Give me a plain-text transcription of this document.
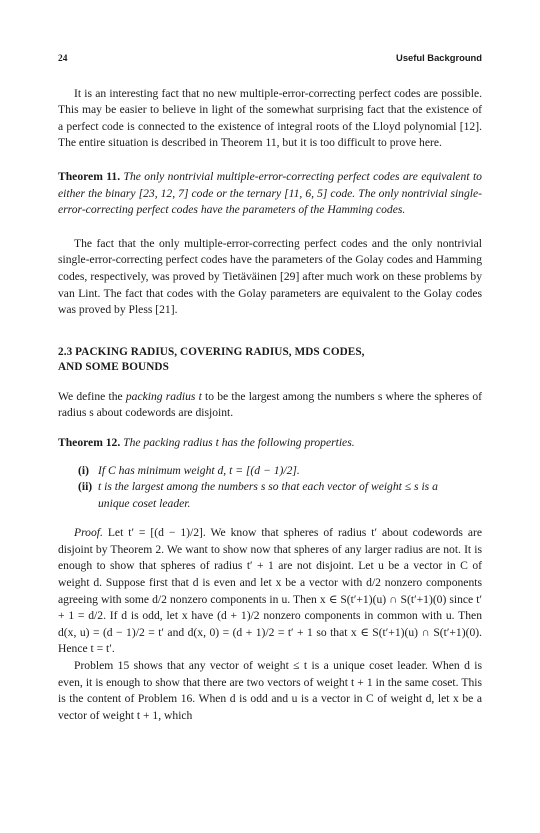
24	Useful Background

It is an interesting fact that no new multiple-error-correcting perfect codes are possible. This may be easier to believe in light of the somewhat surprising fact that the existence of a perfect code is connected to the existence of integral roots of the Lloyd polynomial [12]. The entire situation is described in Theorem 11, but it is too difficult to prove here.

Theorem 11. The only nontrivial multiple-error-correcting perfect codes are equivalent to either the binary [23, 12, 7] code or the ternary [11, 6, 5] code. The only nontrivial single-error-correcting perfect codes have the parameters of the Hamming codes.

The fact that the only multiple-error-correcting perfect codes and the only nontrivial single-error-correcting perfect codes have the parameters of the Golay codes and Hamming codes, respectively, was proved by Tietäväinen [29] after much work on these problems by van Lint. The fact that codes with the Golay parameters are equivalent to the Golay codes was proved by Pless [21].

2.3 PACKING RADIUS, COVERING RADIUS, MDS CODES,

AND SOME BOUNDS

We define the packing radius t to be the largest among the numbers s where the spheres of radius s about codewords are disjoint.

Theorem 12. The packing radius t has the following properties.

(i) If C has minimum weight d, t = [(d − 1)/2].
(ii) t is the largest among the numbers s so that each vector of weight ≤ s is a unique coset leader.

Proof. Let t′ = [(d − 1)/2]. We know that spheres of radius t′ about codewords are disjoint by Theorem 2. We want to show now that spheres of any larger radius are not. It is enough to show that spheres of radius t′ + 1 are not disjoint. Let u be a vector in C of weight d. Suppose first that d is even and let x be a vector with d/2 nonzero components agreeing with some d/2 nonzero components in u. Then x ∈ S(t′+1)(u) ∩ S(t′+1)(0) since t′ + 1 = d/2. If d is odd, let x have (d + 1)/2 nonzero components in common with u. Then d(x, u) = (d − 1)/2 = t′ and d(x, 0) = (d + 1)/2 = t′ + 1 so that x ∈ S(t′+1)(u) ∩ S(t′+1)(0). Hence t = t′.

Problem 15 shows that any vector of weight ≤ t is a unique coset leader. When d is even, it is enough to show that there are two vectors of weight t + 1 in the same coset. This is the content of Problem 16. When d is odd and u is a vector in C of weight d, let x be a vector of weight t + 1, which
